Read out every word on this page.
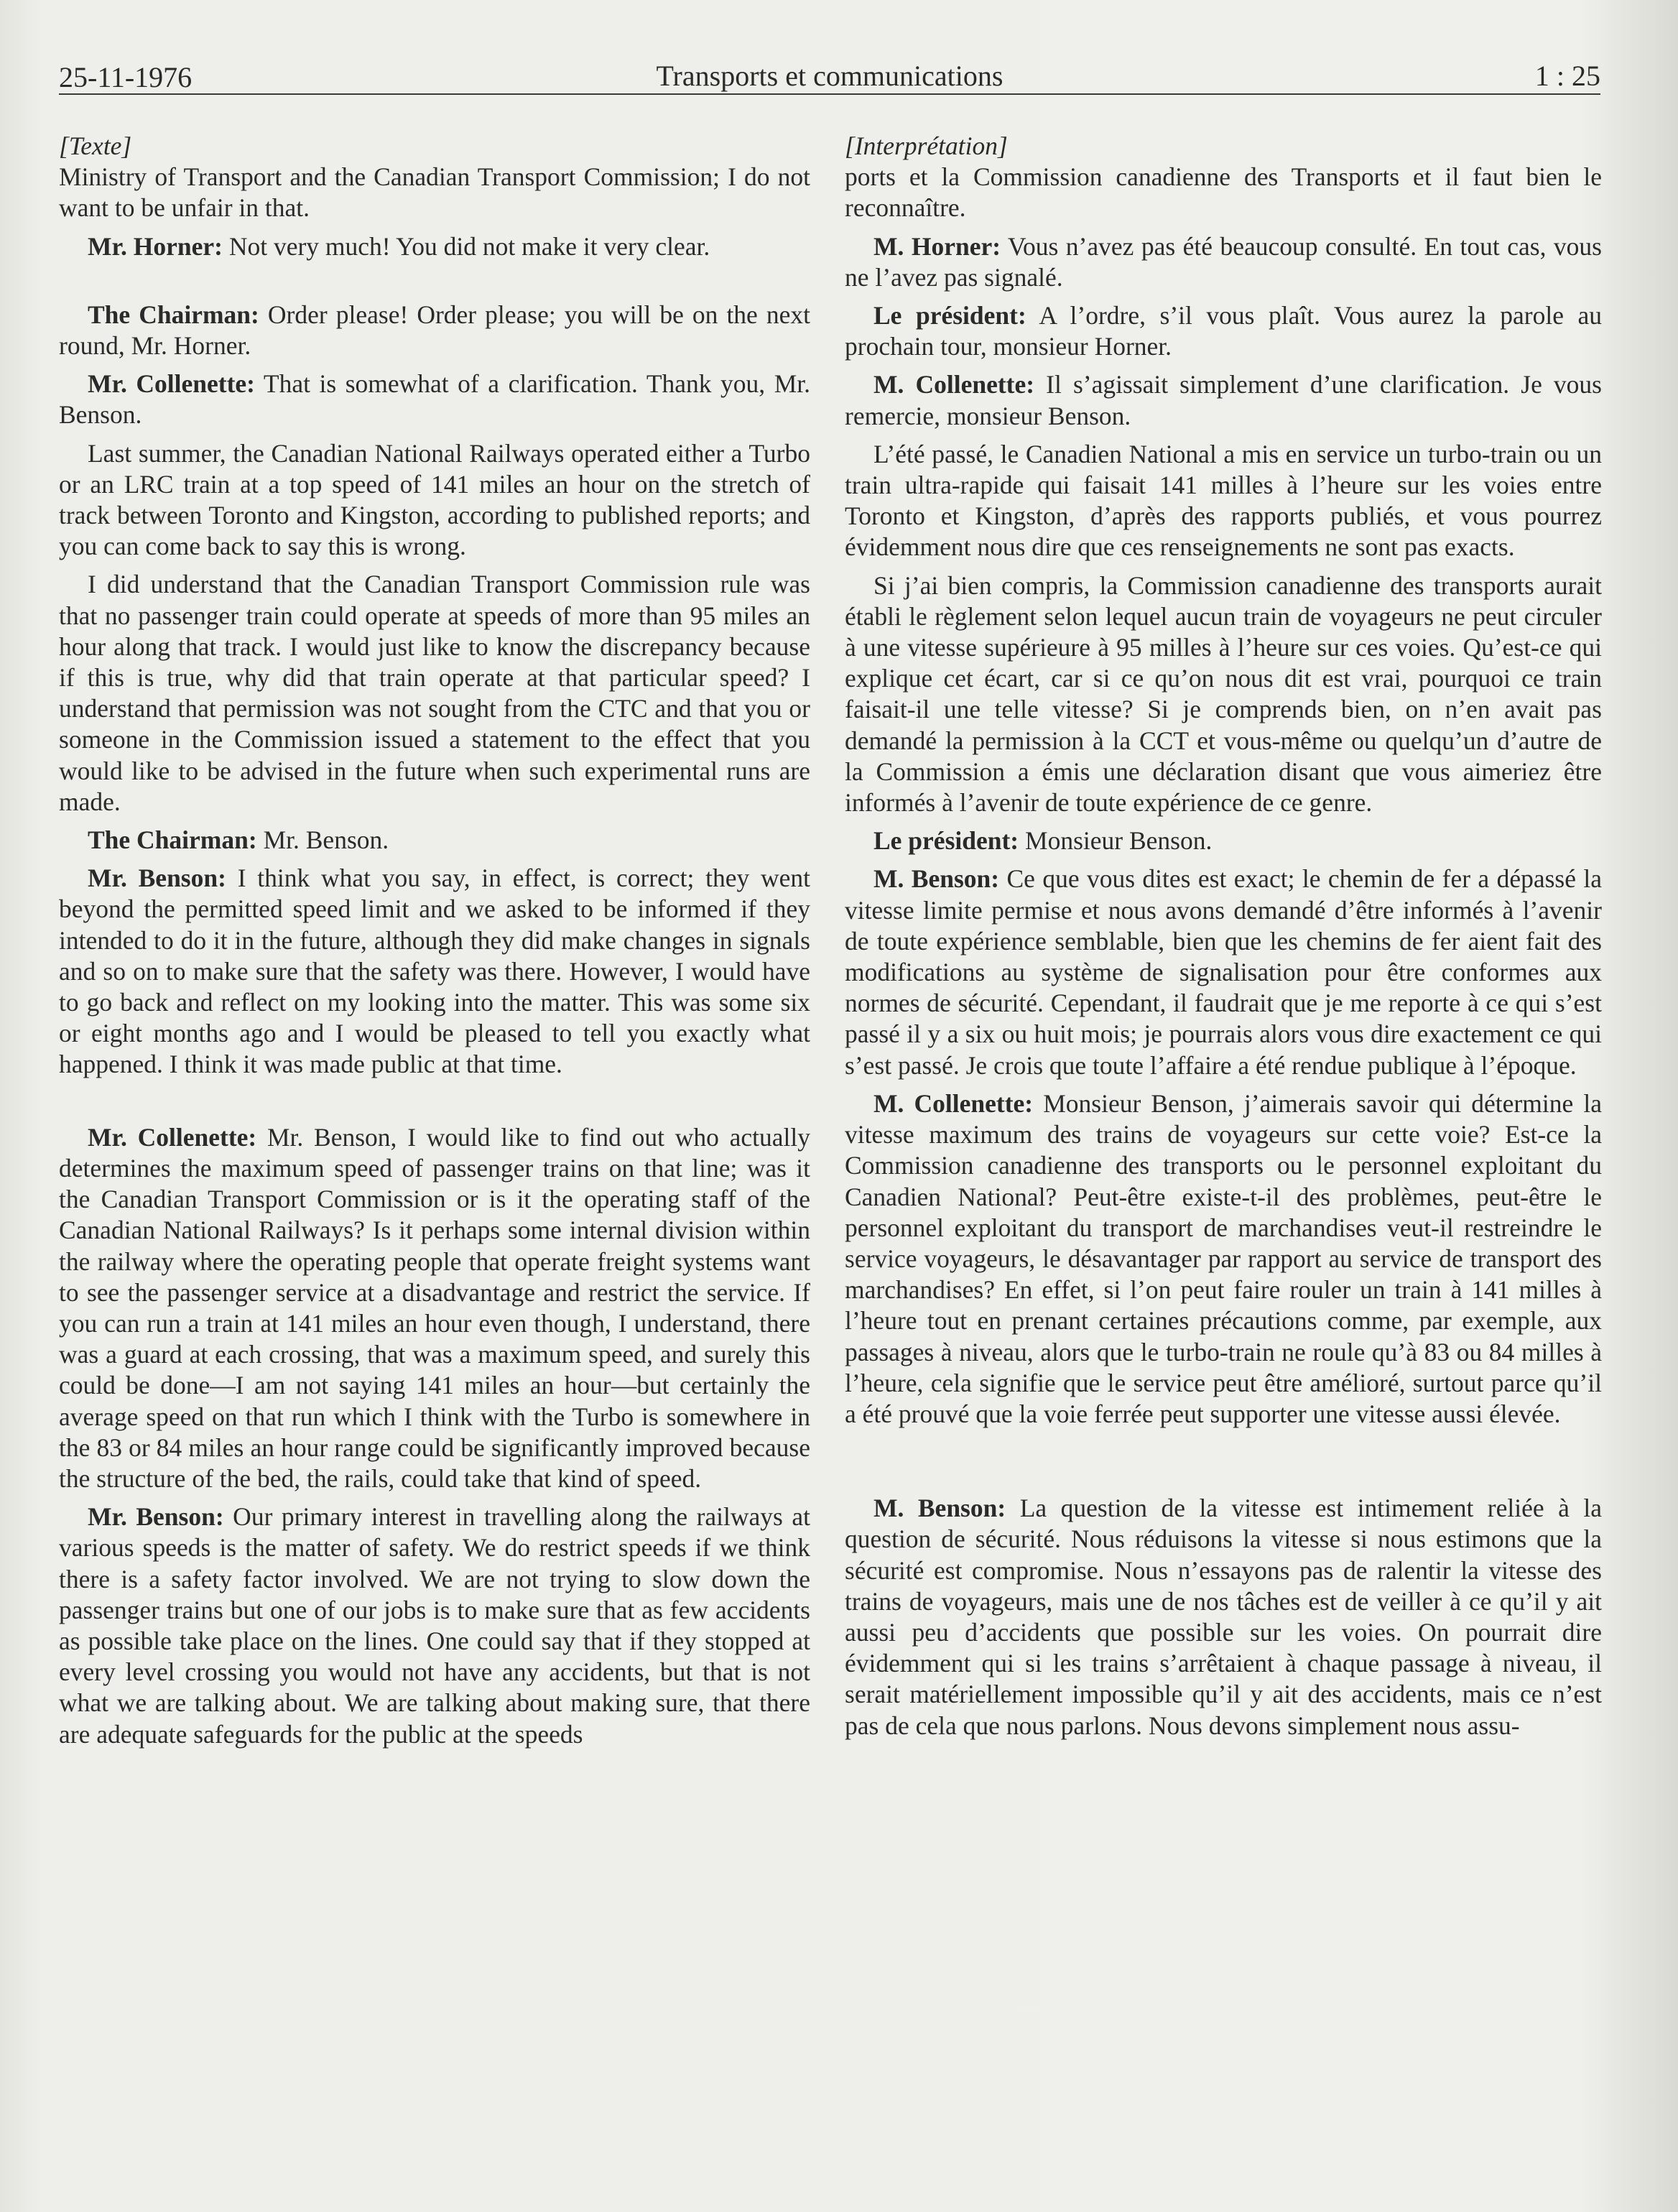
25-11-1976	Transports et communications	1 : 25

[Texte]

Ministry of Transport and the Canadian Transport Commission; I do not want to be unfair in that.

Mr. Horner: Not very much! You did not make it very clear.

The Chairman: Order please! Order please; you will be on the next round, Mr. Horner.

Mr. Collenette: That is somewhat of a clarification. Thank you, Mr. Benson.

Last summer, the Canadian National Railways operated either a Turbo or an LRC train at a top speed of 141 miles an hour on the stretch of track between Toronto and Kingston, according to published reports; and you can come back to say this is wrong.

I did understand that the Canadian Transport Commission rule was that no passenger train could operate at speeds of more than 95 miles an hour along that track. I would just like to know the discrepancy because if this is true, why did that train operate at that particular speed? I understand that permission was not sought from the CTC and that you or someone in the Commission issued a statement to the effect that you would like to be advised in the future when such experimental runs are made.

The Chairman: Mr. Benson.

Mr. Benson: I think what you say, in effect, is correct; they went beyond the permitted speed limit and we asked to be informed if they intended to do it in the future, although they did make changes in signals and so on to make sure that the safety was there. However, I would have to go back and reflect on my looking into the matter. This was some six or eight months ago and I would be pleased to tell you exactly what happened. I think it was made public at that time.

Mr. Collenette: Mr. Benson, I would like to find out who actually determines the maximum speed of passenger trains on that line; was it the Canadian Transport Commission or is it the operating staff of the Canadian National Railways? Is it perhaps some internal division within the railway where the operating people that operate freight systems want to see the passenger service at a disadvantage and restrict the service. If you can run a train at 141 miles an hour even though, I understand, there was a guard at each crossing, that was a maximum speed, and surely this could be done—I am not saying 141 miles an hour—but certainly the average speed on that run which I think with the Turbo is somewhere in the 83 or 84 miles an hour range could be significantly improved because the structure of the bed, the rails, could take that kind of speed.

Mr. Benson: Our primary interest in travelling along the railways at various speeds is the matter of safety. We do restrict speeds if we think there is a safety factor involved. We are not trying to slow down the passenger trains but one of our jobs is to make sure that as few accidents as possible take place on the lines. One could say that if they stopped at every level crossing you would not have any accidents, but that is not what we are talking about. We are talking about making sure, that there are adequate safeguards for the public at the speeds

[Interprétation]

ports et la Commission canadienne des Transports et il faut bien le reconnaître.

M. Horner: Vous n’avez pas été beaucoup consulté. En tout cas, vous ne l’avez pas signalé.

Le président: A l’ordre, s’il vous plaît. Vous aurez la parole au prochain tour, monsieur Horner.

M. Collenette: Il s’agissait simplement d’une clarification. Je vous remercie, monsieur Benson.

L’été passé, le Canadien National a mis en service un turbo-train ou un train ultra-rapide qui faisait 141 milles à l’heure sur les voies entre Toronto et Kingston, d’après des rapports publiés, et vous pourrez évidemment nous dire que ces renseignements ne sont pas exacts.

Si j’ai bien compris, la Commission canadienne des transports aurait établi le règlement selon lequel aucun train de voyageurs ne peut circuler à une vitesse supérieure à 95 milles à l’heure sur ces voies. Qu’est-ce qui explique cet écart, car si ce qu’on nous dit est vrai, pourquoi ce train faisait-il une telle vitesse? Si je comprends bien, on n’en avait pas demandé la permission à la CCT et vous-même ou quelqu’un d’autre de la Commission a émis une déclaration disant que vous aimeriez être informés à l’avenir de toute expérience de ce genre.

Le président: Monsieur Benson.

M. Benson: Ce que vous dites est exact; le chemin de fer a dépassé la vitesse limite permise et nous avons demandé d’être informés à l’avenir de toute expérience semblable, bien que les chemins de fer aient fait des modifications au système de signalisation pour être conformes aux normes de sécurité. Cependant, il faudrait que je me reporte à ce qui s’est passé il y a six ou huit mois; je pourrais alors vous dire exactement ce qui s’est passé. Je crois que toute l’affaire a été rendue publique à l’époque.

M. Collenette: Monsieur Benson, j’aimerais savoir qui détermine la vitesse maximum des trains de voyageurs sur cette voie? Est-ce la Commission canadienne des transports ou le personnel exploitant du Canadien National? Peut-être existe-t-il des problèmes, peut-être le personnel exploitant du transport de marchandises veut-il restreindre le service voyageurs, le désavantager par rapport au service de transport des marchandises? En effet, si l’on peut faire rouler un train à 141 milles à l’heure tout en prenant certaines précautions comme, par exemple, aux passages à niveau, alors que le turbo-train ne roule qu’à 83 ou 84 milles à l’heure, cela signifie que le service peut être amélioré, surtout parce qu’il a été prouvé que la voie ferrée peut supporter une vitesse aussi élevée.

M. Benson: La question de la vitesse est intimement reliée à la question de sécurité. Nous réduisons la vitesse si nous estimons que la sécurité est compromise. Nous n’essayons pas de ralentir la vitesse des trains de voyageurs, mais une de nos tâches est de veiller à ce qu’il y ait aussi peu d’accidents que possible sur les voies. On pourrait dire évidemment qui si les trains s’arrêtaient à chaque passage à niveau, il serait matériellement impossible qu’il y ait des accidents, mais ce n’est pas de cela que nous parlons. Nous devons simplement nous assu-
